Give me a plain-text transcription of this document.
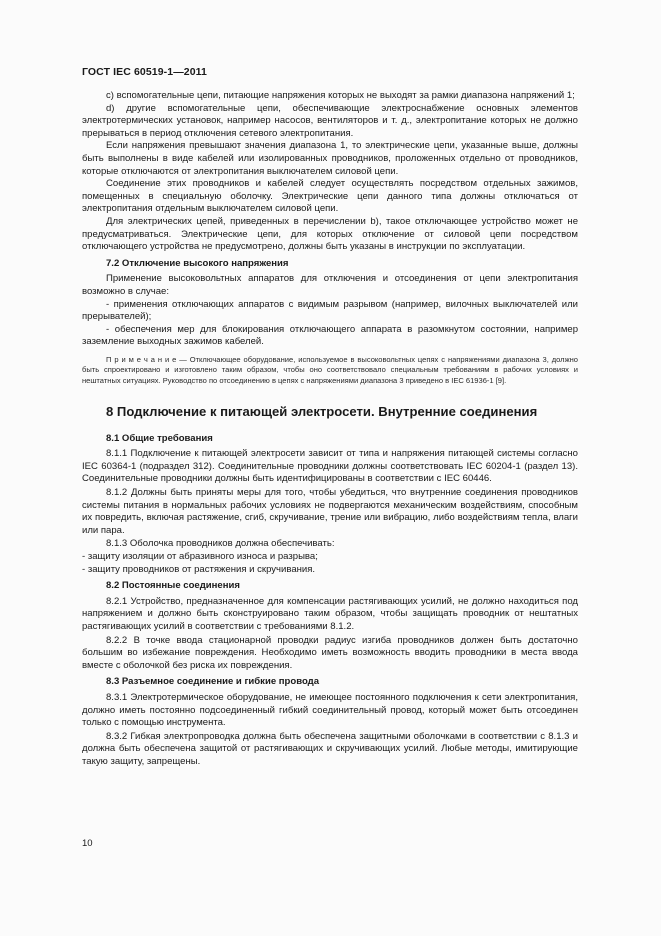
ГОСТ IEC 60519-1—2011

c) вспомогательные цепи, питающие напряжения которых не выходят за рамки диапазона напряжений 1;

d) другие вспомогательные цепи, обеспечивающие электроснабжение основных элементов электротермических установок, например насосов, вентиляторов и т. д., электропитание которых не должно прерываться в период отключения сетевого электропитания.

Если напряжения превышают значения диапазона 1, то электрические цепи, указанные выше, должны быть выполнены в виде кабелей или изолированных проводников, проложенных отдельно от проводников, которые отключаются от электропитания выключателем силовой цепи.

Соединение этих проводников и кабелей следует осуществлять посредством отдельных зажимов, помещенных в специальную оболочку. Электрические цепи данного типа должны отключаться от электропитания отдельным выключателем силовой цепи.

Для электрических цепей, приведенных в перечислении b), такое отключающее устройство может не предусматриваться. Электрические цепи, для которых отключение от силовой цепи посредством отключающего устройства не предусмотрено, должны быть указаны в инструкции по эксплуатации.

7.2 Отключение высокого напряжения

Применение высоковольтных аппаратов для отключения и отсоединения от цепи электропитания возможно в случае:

- применения отключающих аппаратов с видимым разрывом (например, вилочных выключателей или прерывателей);

- обеспечения мер для блокирования отключающего аппарата в разомкнутом состоянии, например заземление выходных зажимов кабелей.

П р и м е ч а н и е — Отключающее оборудование, используемое в высоковольтных цепях с напряжениями диапазона 3, должно быть спроектировано и изготовлено таким образом, чтобы оно соответствовало специальным требованиям в рабочих условиях и нештатных ситуациях. Руководство по отсоединению в цепях с напряжениями диапазона 3 приведено в IEC 61936-1 [9].

8 Подключение к питающей электросети. Внутренние соединения

8.1 Общие требования

8.1.1 Подключение к питающей электросети зависит от типа и напряжения питающей системы согласно IEC 60364-1 (подраздел 312). Соединительные проводники должны соответствовать IEC 60204-1 (раздел 13). Соединительные проводники должны быть идентифицированы в соответствии с IEC 60446.

8.1.2 Должны быть приняты меры для того, чтобы убедиться, что внутренние соединения проводников системы питания в нормальных рабочих условиях не подвергаются механическим воздействиям, способным их повредить, включая растяжение, сгиб, скручивание, трение или вибрацию, либо воздействиям тепла, влаги или пара.

8.1.3 Оболочка проводников должна обеспечивать:

- защиту изоляции от абразивного износа и разрыва;

- защиту проводников от растяжения и скручивания.

8.2 Постоянные соединения

8.2.1 Устройство, предназначенное для компенсации растягивающих усилий, не должно находиться под напряжением и должно быть сконструировано таким образом, чтобы защищать проводник от нештатных растягивающих усилий в соответствии с требованиями 8.1.2.

8.2.2 В точке ввода стационарной проводки радиус изгиба проводников должен быть достаточно большим во избежание повреждения. Необходимо иметь возможность вводить проводники в места ввода вместе с оболочкой без риска их повреждения.

8.3 Разъемное соединение и гибкие провода

8.3.1 Электротермическое оборудование, не имеющее постоянного подключения к сети электропитания, должно иметь постоянно подсоединенный гибкий соединительный провод, который может быть отсоединен только с помощью инструмента.

8.3.2 Гибкая электропроводка должна быть обеспечена защитными оболочками в соответствии с 8.1.3 и должна быть обеспечена защитой от растягивающих и скручивающих усилий. Любые методы, имитирующие такую защиту, запрещены.

10
